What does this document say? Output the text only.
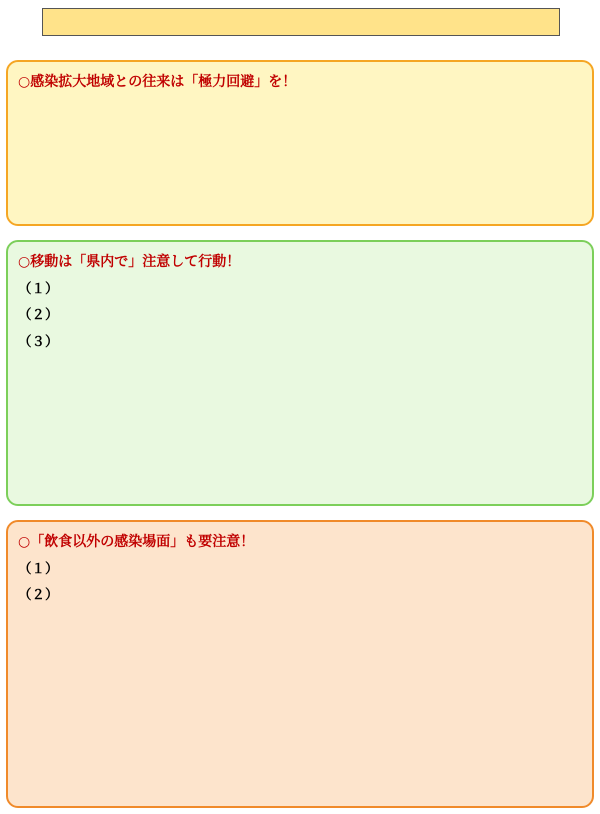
○感染拡大地域との往来は「極力回避」を！

○移動は「県内で」注意して行動！
（１）
（２）
（３）
○「飲食以外の感染場面」も要注意！
（１）
（２）
